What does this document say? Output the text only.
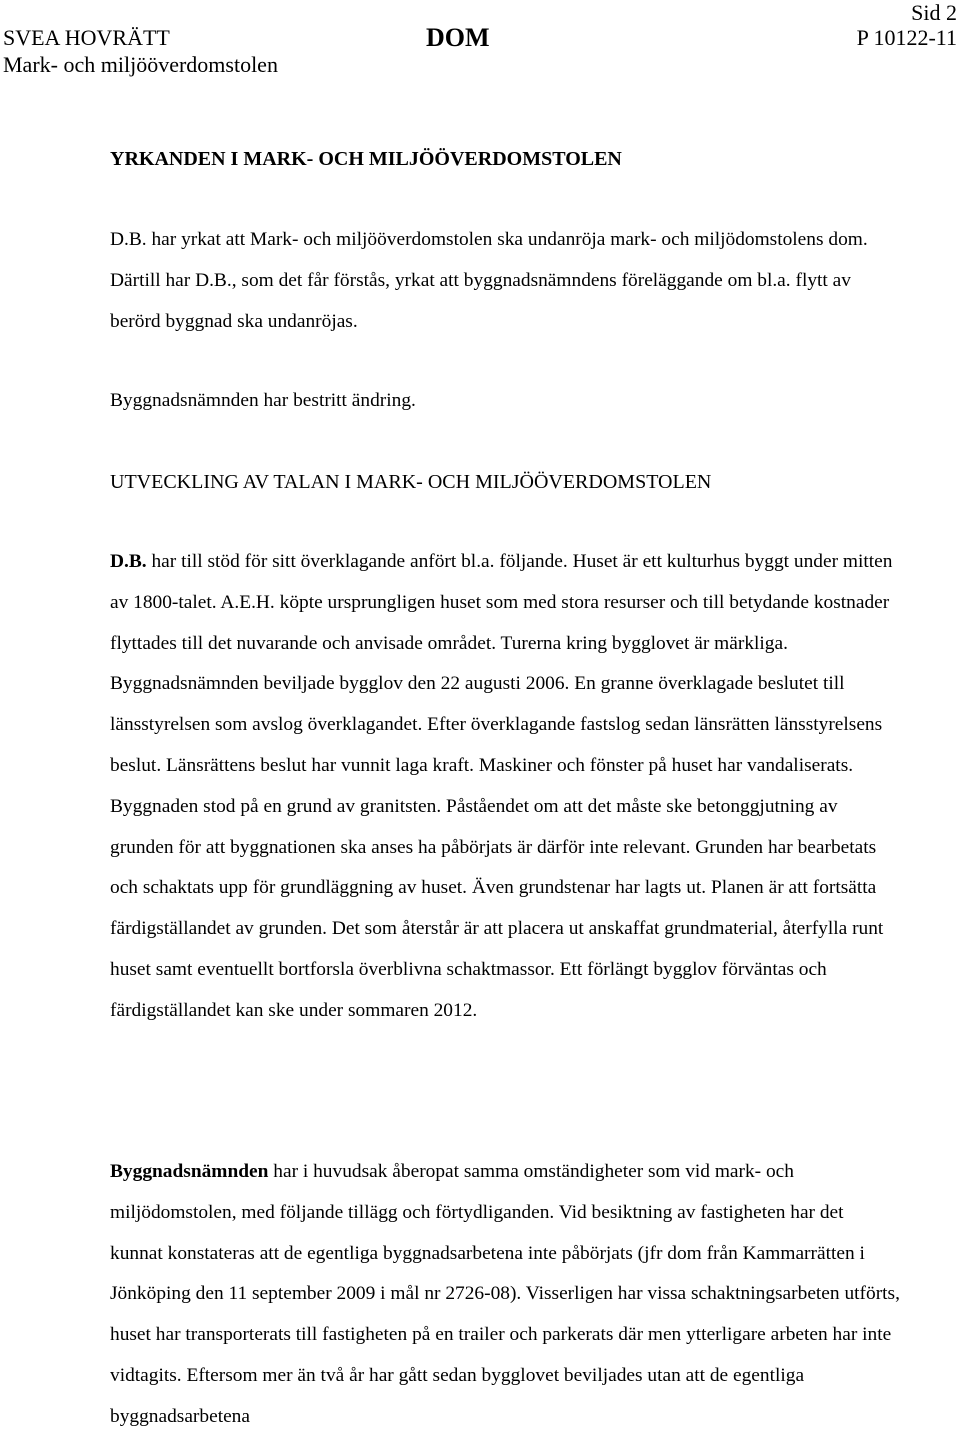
SVEA HOVRÄTT
Mark- och miljööverdomstolen
DOM
Sid 2
P 10122-11
YRKANDEN I MARK- OCH MILJÖÖVERDOMSTOLEN
D.B. har yrkat att Mark- och miljööverdomstolen ska undanröja mark- och miljödomstolens dom. Därtill har D.B., som det får förstås, yrkat att byggnadsnämndens föreläggande om bl.a. flytt av berörd byggnad ska undanröjas.
Byggnadsnämnden har bestritt ändring.
UTVECKLING AV TALAN I MARK- OCH MILJÖÖVERDOMSTOLEN
D.B. har till stöd för sitt överklagande anfört bl.a. följande. Huset är ett kulturhus byggt under mitten av 1800-talet. A.E.H. köpte ursprungligen huset som med stora resurser och till betydande kostnader flyttades till det nuvarande och anvisade området. Turerna kring bygglovet är märkliga. Byggnadsnämnden beviljade bygglov den 22 augusti 2006. En granne överklagade beslutet till länsstyrelsen som avslog överklagandet. Efter överklagande fastslog sedan länsrätten länsstyrelsens beslut. Länsrättens beslut har vunnit laga kraft. Maskiner och fönster på huset har vandaliserats. Byggnaden stod på en grund av granitsten. Påståendet om att det måste ske betonggjutning av grunden för att byggnationen ska anses ha påbörjats är därför inte relevant. Grunden har bearbetats och schaktats upp för grundläggning av huset. Även grundstenar har lagts ut. Planen är att fortsätta färdigställandet av grunden. Det som återstår är att placera ut anskaffat grundmaterial, återfylla runt huset samt eventuellt bortforsla överblivna schaktmassor. Ett förlängt bygglov förväntas och färdigställandet kan ske under sommaren 2012.
Byggnadsnämnden har i huvudsak åberopat samma omständigheter som vid mark- och miljödomstolen, med följande tillägg och förtydliganden. Vid besiktning av fastigheten har det kunnat konstateras att de egentliga byggnadsarbetena inte påbörjats (jfr dom från Kammarrätten i Jönköping den 11 september 2009 i mål nr 2726-08). Visserligen har vissa schaktningsarbeten utförts, huset har transporterats till fastigheten på en trailer och parkerats där men ytterligare arbeten har inte vidtagits. Eftersom mer än två år har gått sedan bygglovet beviljades utan att de egentliga byggnadsarbetena
